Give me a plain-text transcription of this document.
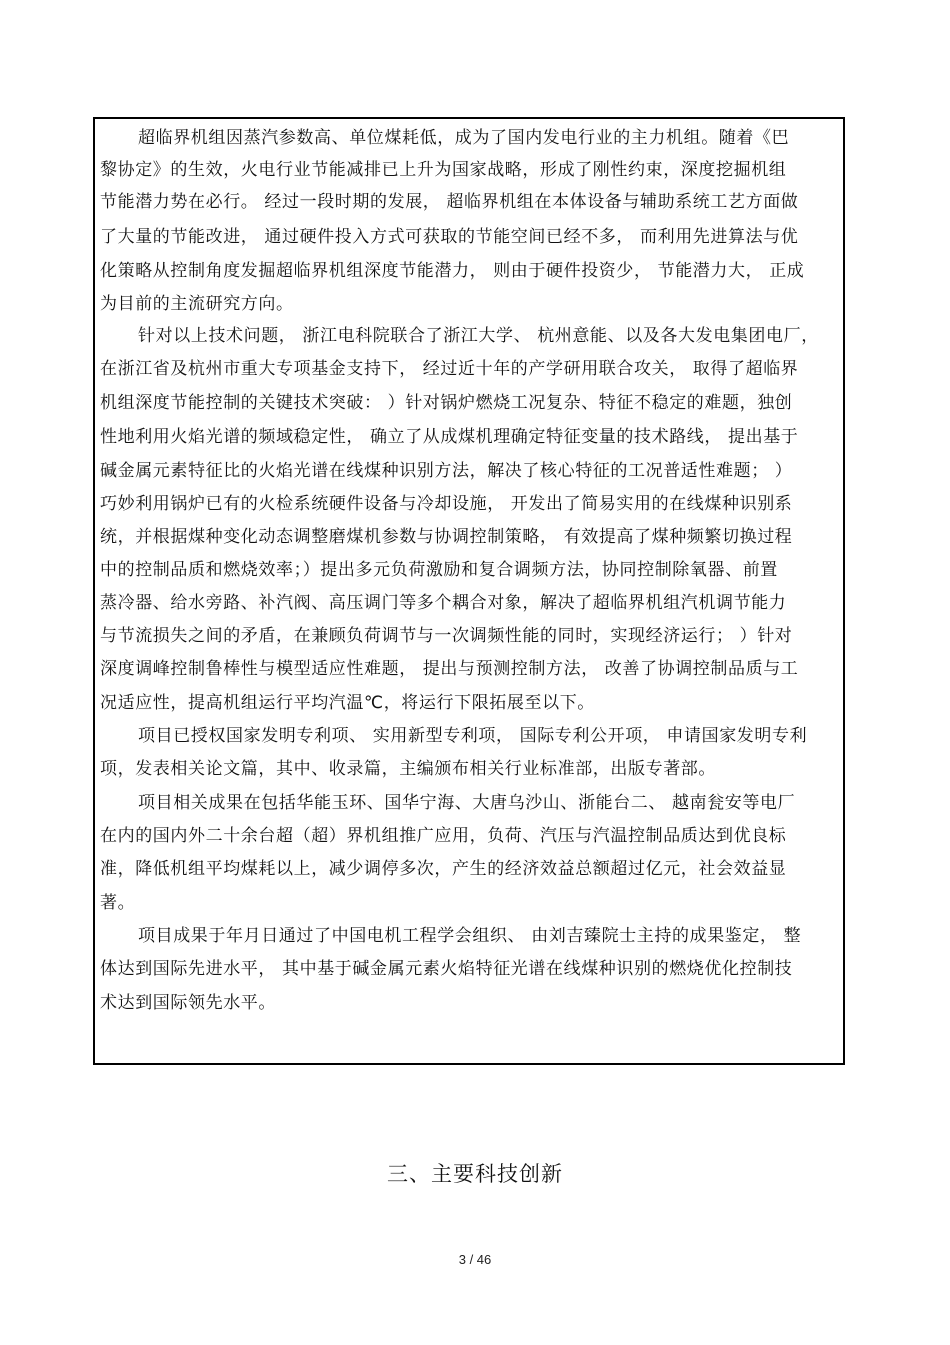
超临界机组因蒸汽参数高、单位煤耗低，成为了国内发电行业的主力机组。随着《巴
黎协定》的生效，火电行业节能减排已上升为国家战略，形成了刚性约束，深度挖掘机组
节能潜力势在必行。 经过一段时期的发展， 超临界机组在本体设备与辅助系统工艺方面做
了大量的节能改进， 通过硬件投入方式可获取的节能空间已经不多， 而利用先进算法与优
化策略从控制角度发掘超临界机组深度节能潜力， 则由于硬件投资少， 节能潜力大， 正成
为目前的主流研究方向。
针对以上技术问题， 浙江电科院联合了浙江大学、 杭州意能、以及各大发电集团电厂，
在浙江省及杭州市重大专项基金支持下， 经过近十年的产学研用联合攻关， 取得了超临界
机组深度节能控制的关键技术突破： ）针对锅炉燃烧工况复杂、特征不稳定的难题，独创
性地利用火焰光谱的频域稳定性， 确立了从成煤机理确定特征变量的技术路线， 提出基于
碱金属元素特征比的火焰光谱在线煤种识别方法，解决了核心特征的工况普适性难题； ）
巧妙利用锅炉已有的火检系统硬件设备与冷却设施， 开发出了简易实用的在线煤种识别系
统，并根据煤种变化动态调整磨煤机参数与协调控制策略， 有效提高了煤种频繁切换过程
中的控制品质和燃烧效率；）提出多元负荷激励和复合调频方法，协同控制除氧器、前置
蒸冷器、给水旁路、补汽阀、高压调门等多个耦合对象，解决了超临界机组汽机调节能力
与节流损失之间的矛盾，在兼顾负荷调节与一次调频性能的同时，实现经济运行； ）针对
深度调峰控制鲁棒性与模型适应性难题， 提出与预测控制方法， 改善了协调控制品质与工
况适应性，提高机组运行平均汽温℃，将运行下限拓展至以下。
项目已授权国家发明专利项、 实用新型专利项， 国际专利公开项， 申请国家发明专利
项，发表相关论文篇，其中、收录篇，主编颁布相关行业标准部，出版专著部。
项目相关成果在包括华能玉环、国华宁海、大唐乌沙山、浙能台二、 越南瓮安等电厂
在内的国内外二十余台超（超）界机组推广应用，负荷、汽压与汽温控制品质达到优良标
准，降低机组平均煤耗以上，减少调停多次，产生的经济效益总额超过亿元，社会效益显
著。
项目成果于年月日通过了中国电机工程学会组织、 由刘吉臻院士主持的成果鉴定， 整
体达到国际先进水平， 其中基于碱金属元素火焰特征光谱在线煤种识别的燃烧优化控制技
术达到国际领先水平。
三、主要科技创新
3 / 46
